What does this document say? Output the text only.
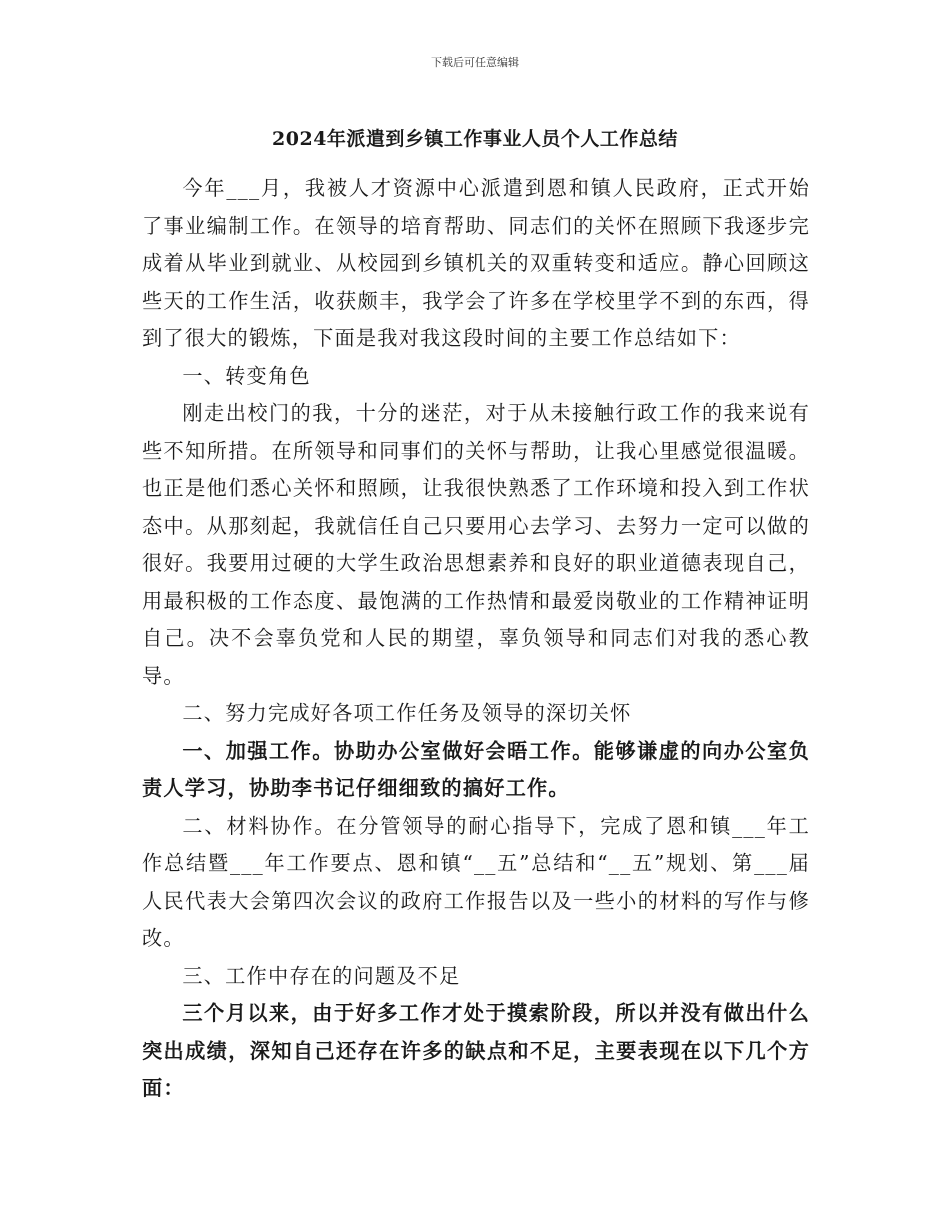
下载后可任意编辑
2024年派遣到乡镇工作事业人员个人工作总结

今年___月，我被人才资源中心派遣到恩和镇人民政府，正式开始了事业编制工作。在领导的培育帮助、同志们的关怀在照顾下我逐步完成着从毕业到就业、从校园到乡镇机关的双重转变和适应。静心回顾这些天的工作生活，收获颇丰，我学会了许多在学校里学不到的东西，得到了很大的锻炼，下面是我对我这段时间的主要工作总结如下：

一、转变角色

刚走出校门的我，十分的迷茫，对于从未接触行政工作的我来说有些不知所措。在所领导和同事们的关怀与帮助，让我心里感觉很温暖。也正是他们悉心关怀和照顾，让我很快熟悉了工作环境和投入到工作状态中。从那刻起，我就信任自己只要用心去学习、去努力一定可以做的很好。我要用过硬的大学生政治思想素养和良好的职业道德表现自己，用最积极的工作态度、最饱满的工作热情和最爱岗敬业的工作精神证明自己。决不会辜负党和人民的期望，辜负领导和同志们对我的悉心教导。

二、努力完成好各项工作任务及领导的深切关怀

一、加强工作。协助办公室做好会晤工作。能够谦虚的向办公室负责人学习，协助李书记仔细细致的搞好工作。

二、材料协作。在分管领导的耐心指导下，完成了恩和镇___年工作总结暨___年工作要点、恩和镇“__五”总结和“__五”规划、第___届人民代表大会第四次会议的政府工作报告以及一些小的材料的写作与修改。

三、工作中存在的问题及不足

三个月以来，由于好多工作才处于摸索阶段，所以并没有做出什么突出成绩，深知自己还存在许多的缺点和不足，主要表现在以下几个方面：
